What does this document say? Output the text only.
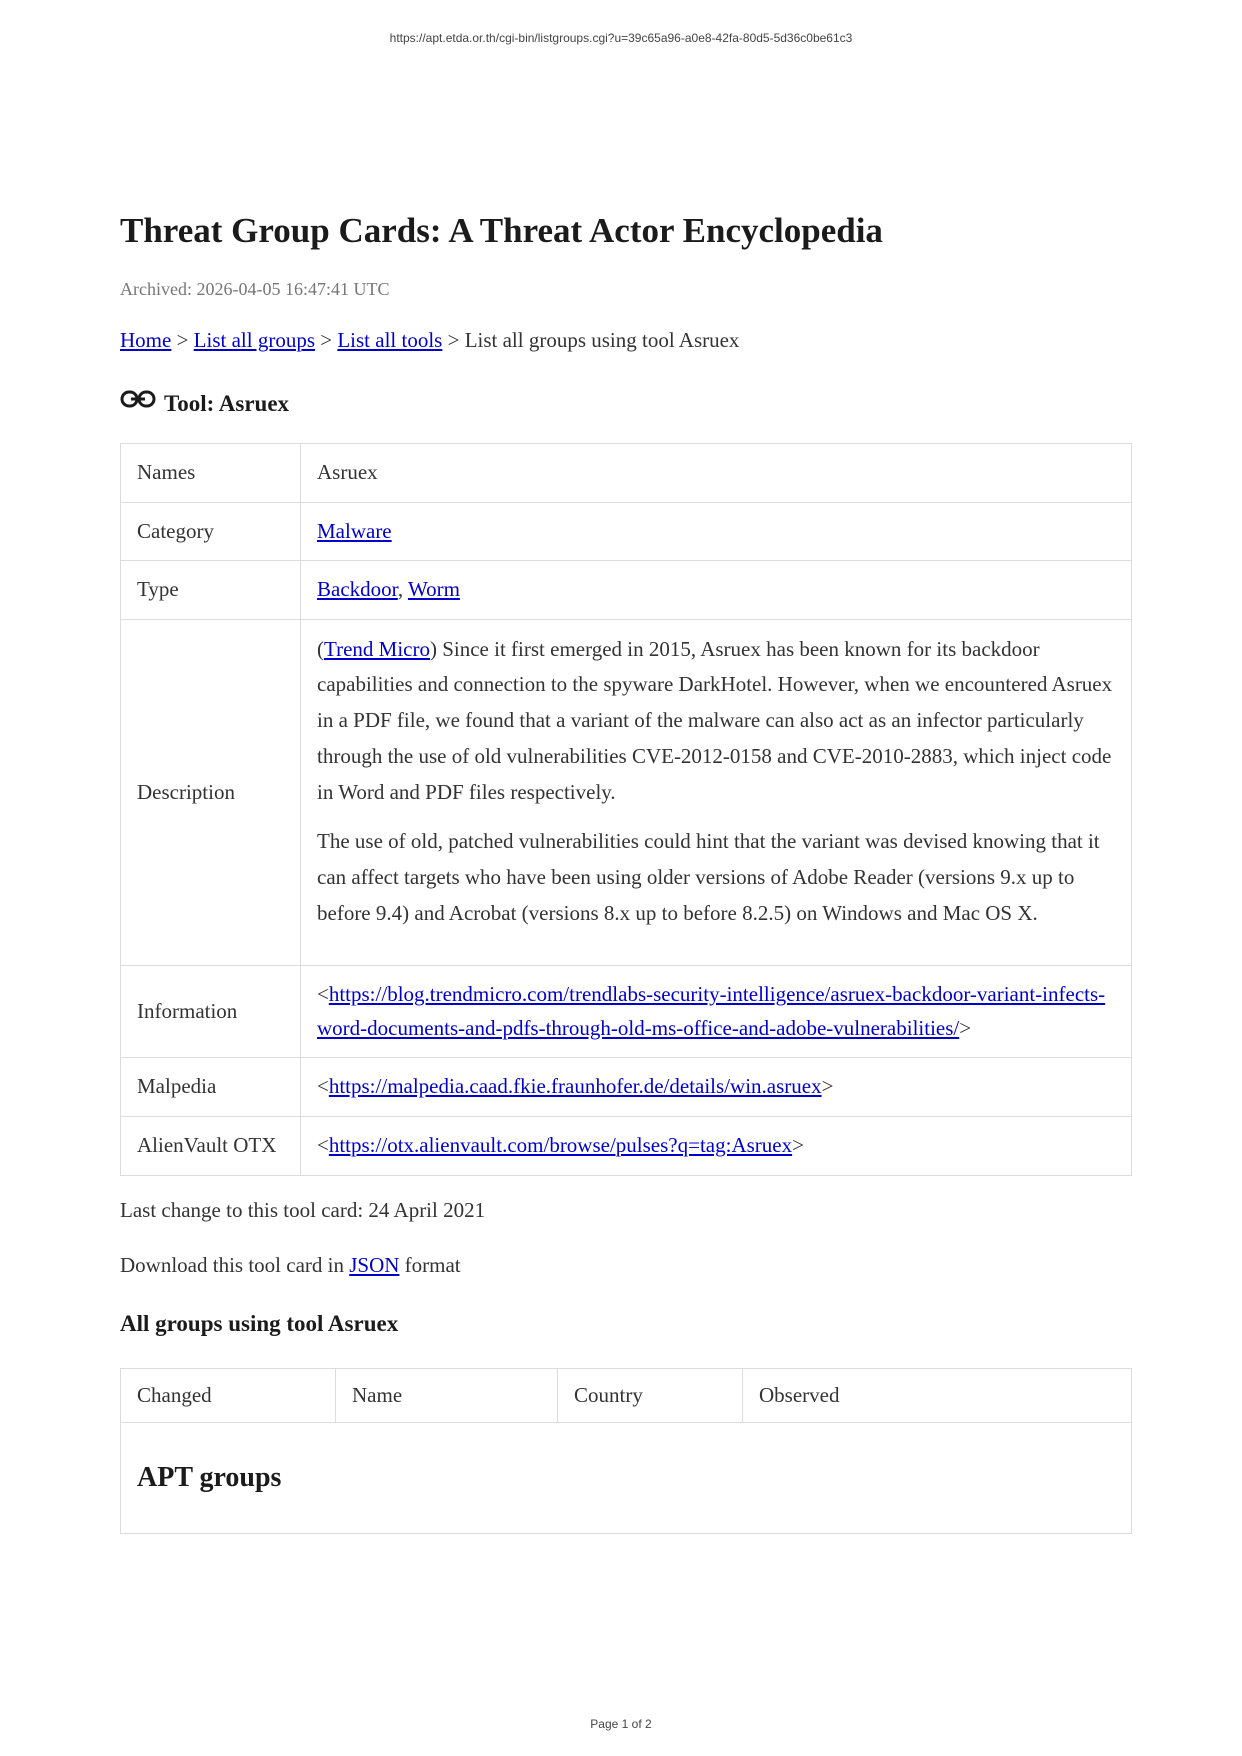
https://apt.etda.or.th/cgi-bin/listgroups.cgi?u=39c65a96-a0e8-42fa-80d5-5d36c0be61c3
Threat Group Cards: A Threat Actor Encyclopedia
Archived: 2026-04-05 16:47:41 UTC
Home > List all groups > List all tools > List all groups using tool Asruex
Tool: Asruex
Names	Asruex
Category	Malware
Type	Backdoor, Worm
Description	(Trend Micro) Since it first emerged in 2015, Asruex has been known for its backdoor capabilities and connection to the spyware DarkHotel. However, when we encountered Asruex in a PDF file, we found that a variant of the malware can also act as an infector particularly through the use of old vulnerabilities CVE-2012-0158 and CVE-2010-2883, which inject code in Word and PDF files respectively.

The use of old, patched vulnerabilities could hint that the variant was devised knowing that it can affect targets who have been using older versions of Adobe Reader (versions 9.x up to before 9.4) and Acrobat (versions 8.x up to before 8.2.5) on Windows and Mac OS X.

Information	<https://blog.trendmicro.com/trendlabs-security-intelligence/asruex-backdoor-variant-infects-word-documents-and-pdfs-through-old-ms-office-and-adobe-vulnerabilities/>
Malpedia	<https://malpedia.caad.fkie.fraunhofer.de/details/win.asruex>
AlienVault OTX	<https://otx.alienvault.com/browse/pulses?q=tag:Asruex>
Last change to this tool card: 24 April 2021
Download this tool card in JSON format
All groups using tool Asruex
Changed	Name	Country	Observed
APT groups
Page 1 of 2
